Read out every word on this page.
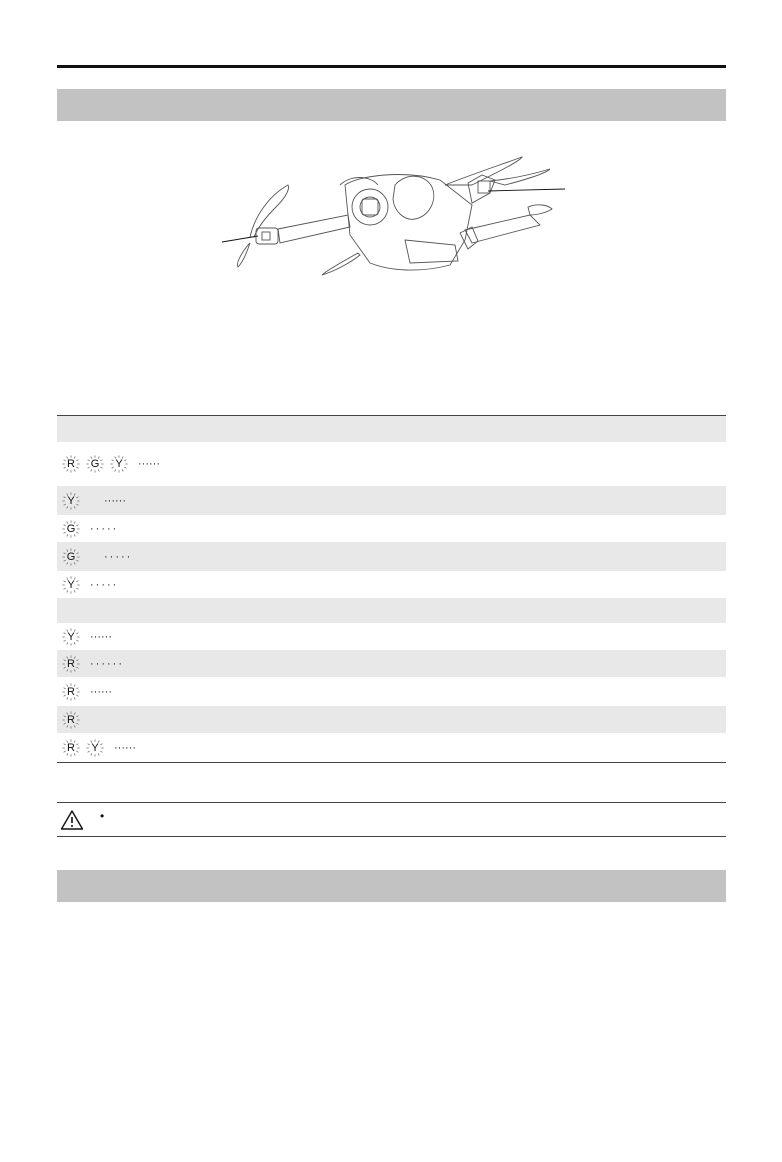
R	G	Y	······
Y	······
G	·····
G	·····
Y	·····
Y	······
R	······
R	······
R
R	Y	······
•
